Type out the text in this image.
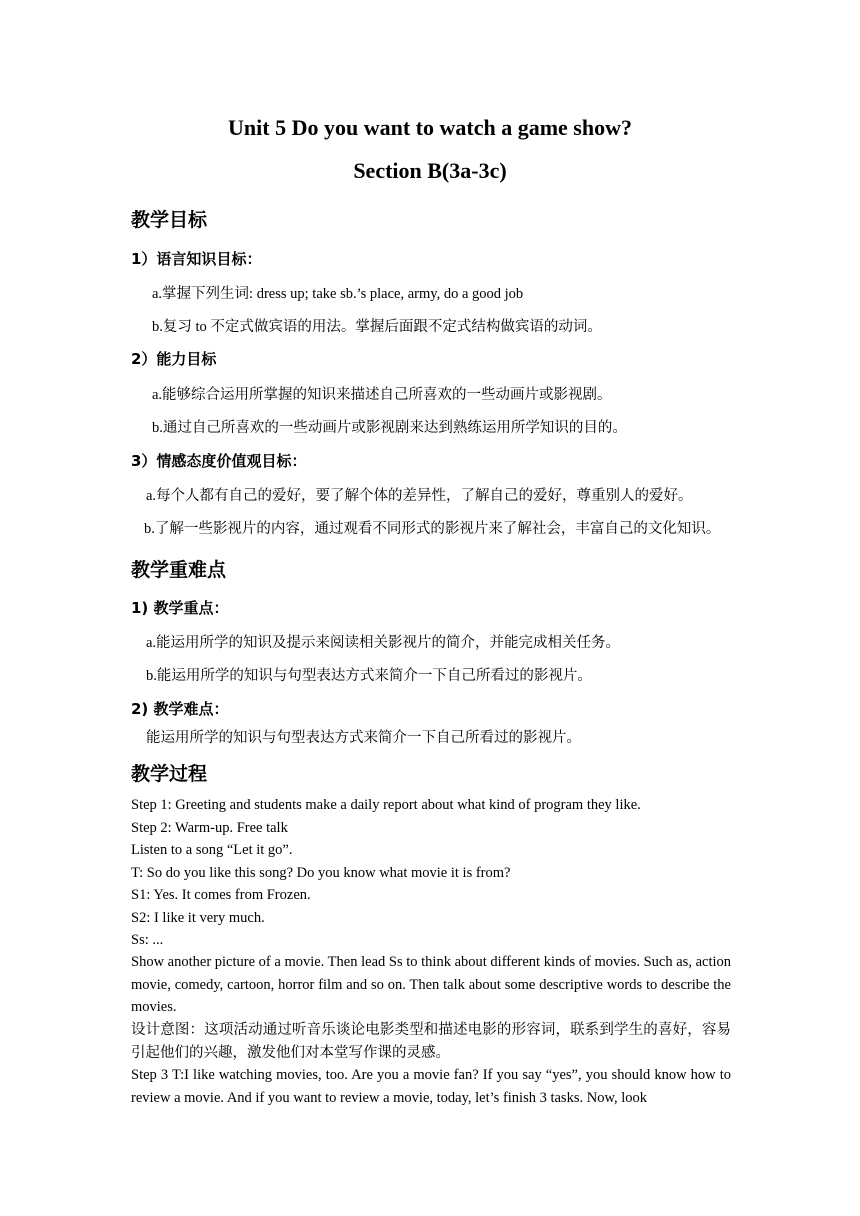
Unit 5 Do you want to watch a game show?
Section B(3a-3c)
教学目标
1）语言知识目标：
a.掌握下列生词: dress up; take sb.’s place, army, do a good job
b.复习 to 不定式做宾语的用法。掌握后面跟不定式结构做宾语的动词。
2）能力目标
a.能够综合运用所掌握的知识来描述自己所喜欢的一些动画片或影视剧。
b.通过自己所喜欢的一些动画片或影视剧来达到熟练运用所学知识的目的。
3）情感态度价值观目标：
a.每个人都有自己的爱好，要了解个体的差异性，了解自己的爱好，尊重别人的爱好。
b.了解一些影视片的内容，通过观看不同形式的影视片来了解社会，丰富自己的文化知识。
教学重难点
1) 教学重点：
a.能运用所学的知识及提示来阅读相关影视片的简介，并能完成相关任务。
b.能运用所学的知识与句型表达方式来简介一下自己所看过的影视片。
2) 教学难点：
能运用所学的知识与句型表达方式来简介一下自己所看过的影视片。
教学过程
Step 1: Greeting and students make a daily report about what kind of program they like.
Step 2: Warm-up. Free talk
Listen to a song “Let it go”.
T: So do you like this song? Do you know what movie it is from?
S1: Yes. It comes from Frozen.
S2: I like it very much.
Ss: ...

Show another picture of a movie. Then lead Ss to think about different kinds of movies. Such as, action movie, comedy, cartoon, horror film and so on. Then talk about some descriptive words to describe the movies.

设计意图：这项活动通过听音乐谈论电影类型和描述电影的形容词，联系到学生的喜好，容易引起他们的兴趣，激发他们对本堂写作课的灵感。

Step 3 T:I like watching movies, too. Are you a movie fan? If you say “yes”, you should know how to review a movie. And if you want to review a movie, today, let’s finish 3 tasks. Now, look
